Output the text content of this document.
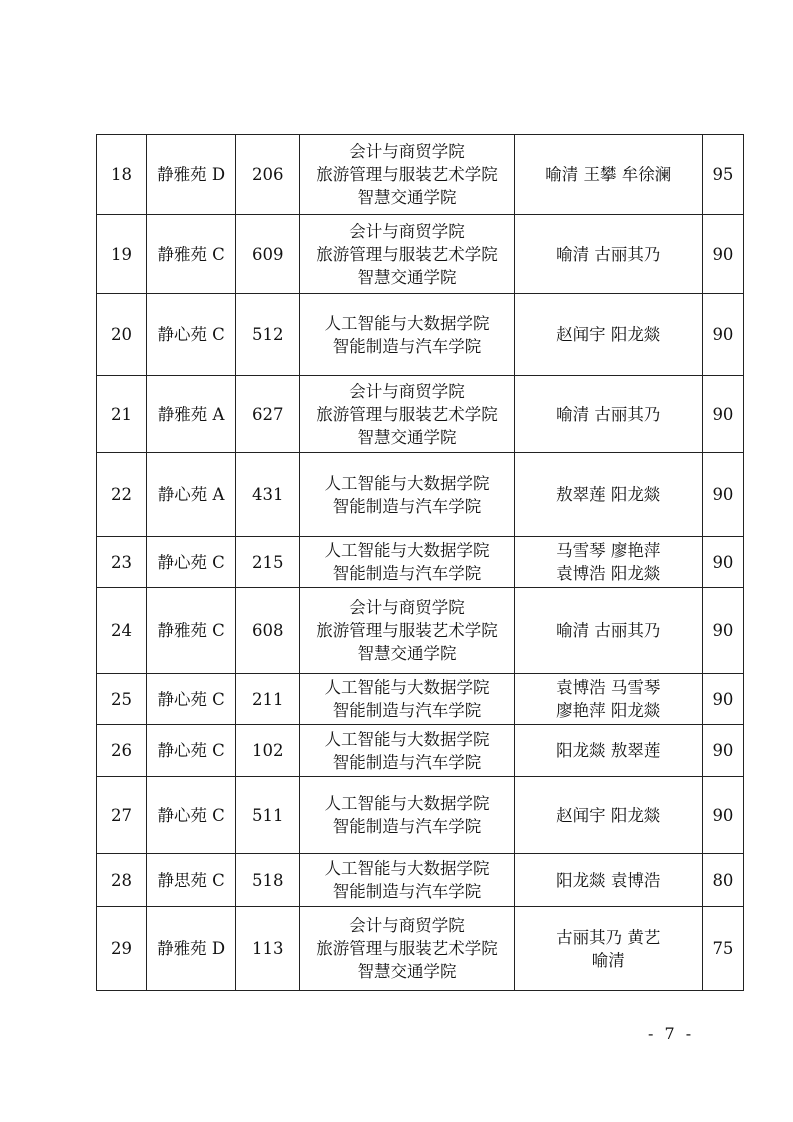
18	静雅苑 D	206	会计与商贸学院
旅游管理与服装艺术学院
智慧交通学院	喻清 王攀 牟徐澜	95
19	静雅苑 C	609	会计与商贸学院
旅游管理与服装艺术学院
智慧交通学院	喻清 古丽其乃	90
20	静心苑 C	512	人工智能与大数据学院
智能制造与汽车学院	赵闻宇 阳龙燚	90
21	静雅苑 A	627	会计与商贸学院
旅游管理与服装艺术学院
智慧交通学院	喻清 古丽其乃	90
22	静心苑 A	431	人工智能与大数据学院
智能制造与汽车学院	敖翠莲 阳龙燚	90
23	静心苑 C	215	人工智能与大数据学院
智能制造与汽车学院	马雪琴 廖艳萍
袁博浩 阳龙燚	90
24	静雅苑 C	608	会计与商贸学院
旅游管理与服装艺术学院
智慧交通学院	喻清 古丽其乃	90
25	静心苑 C	211	人工智能与大数据学院
智能制造与汽车学院	袁博浩 马雪琴
廖艳萍 阳龙燚	90
26	静心苑 C	102	人工智能与大数据学院
智能制造与汽车学院	阳龙燚 敖翠莲	90
27	静心苑 C	511	人工智能与大数据学院
智能制造与汽车学院	赵闻宇 阳龙燚	90
28	静思苑 C	518	人工智能与大数据学院
智能制造与汽车学院	阳龙燚 袁博浩	80
29	静雅苑 D	113	会计与商贸学院
旅游管理与服装艺术学院
智慧交通学院	古丽其乃 黄艺
喻清	75
- 7 -
